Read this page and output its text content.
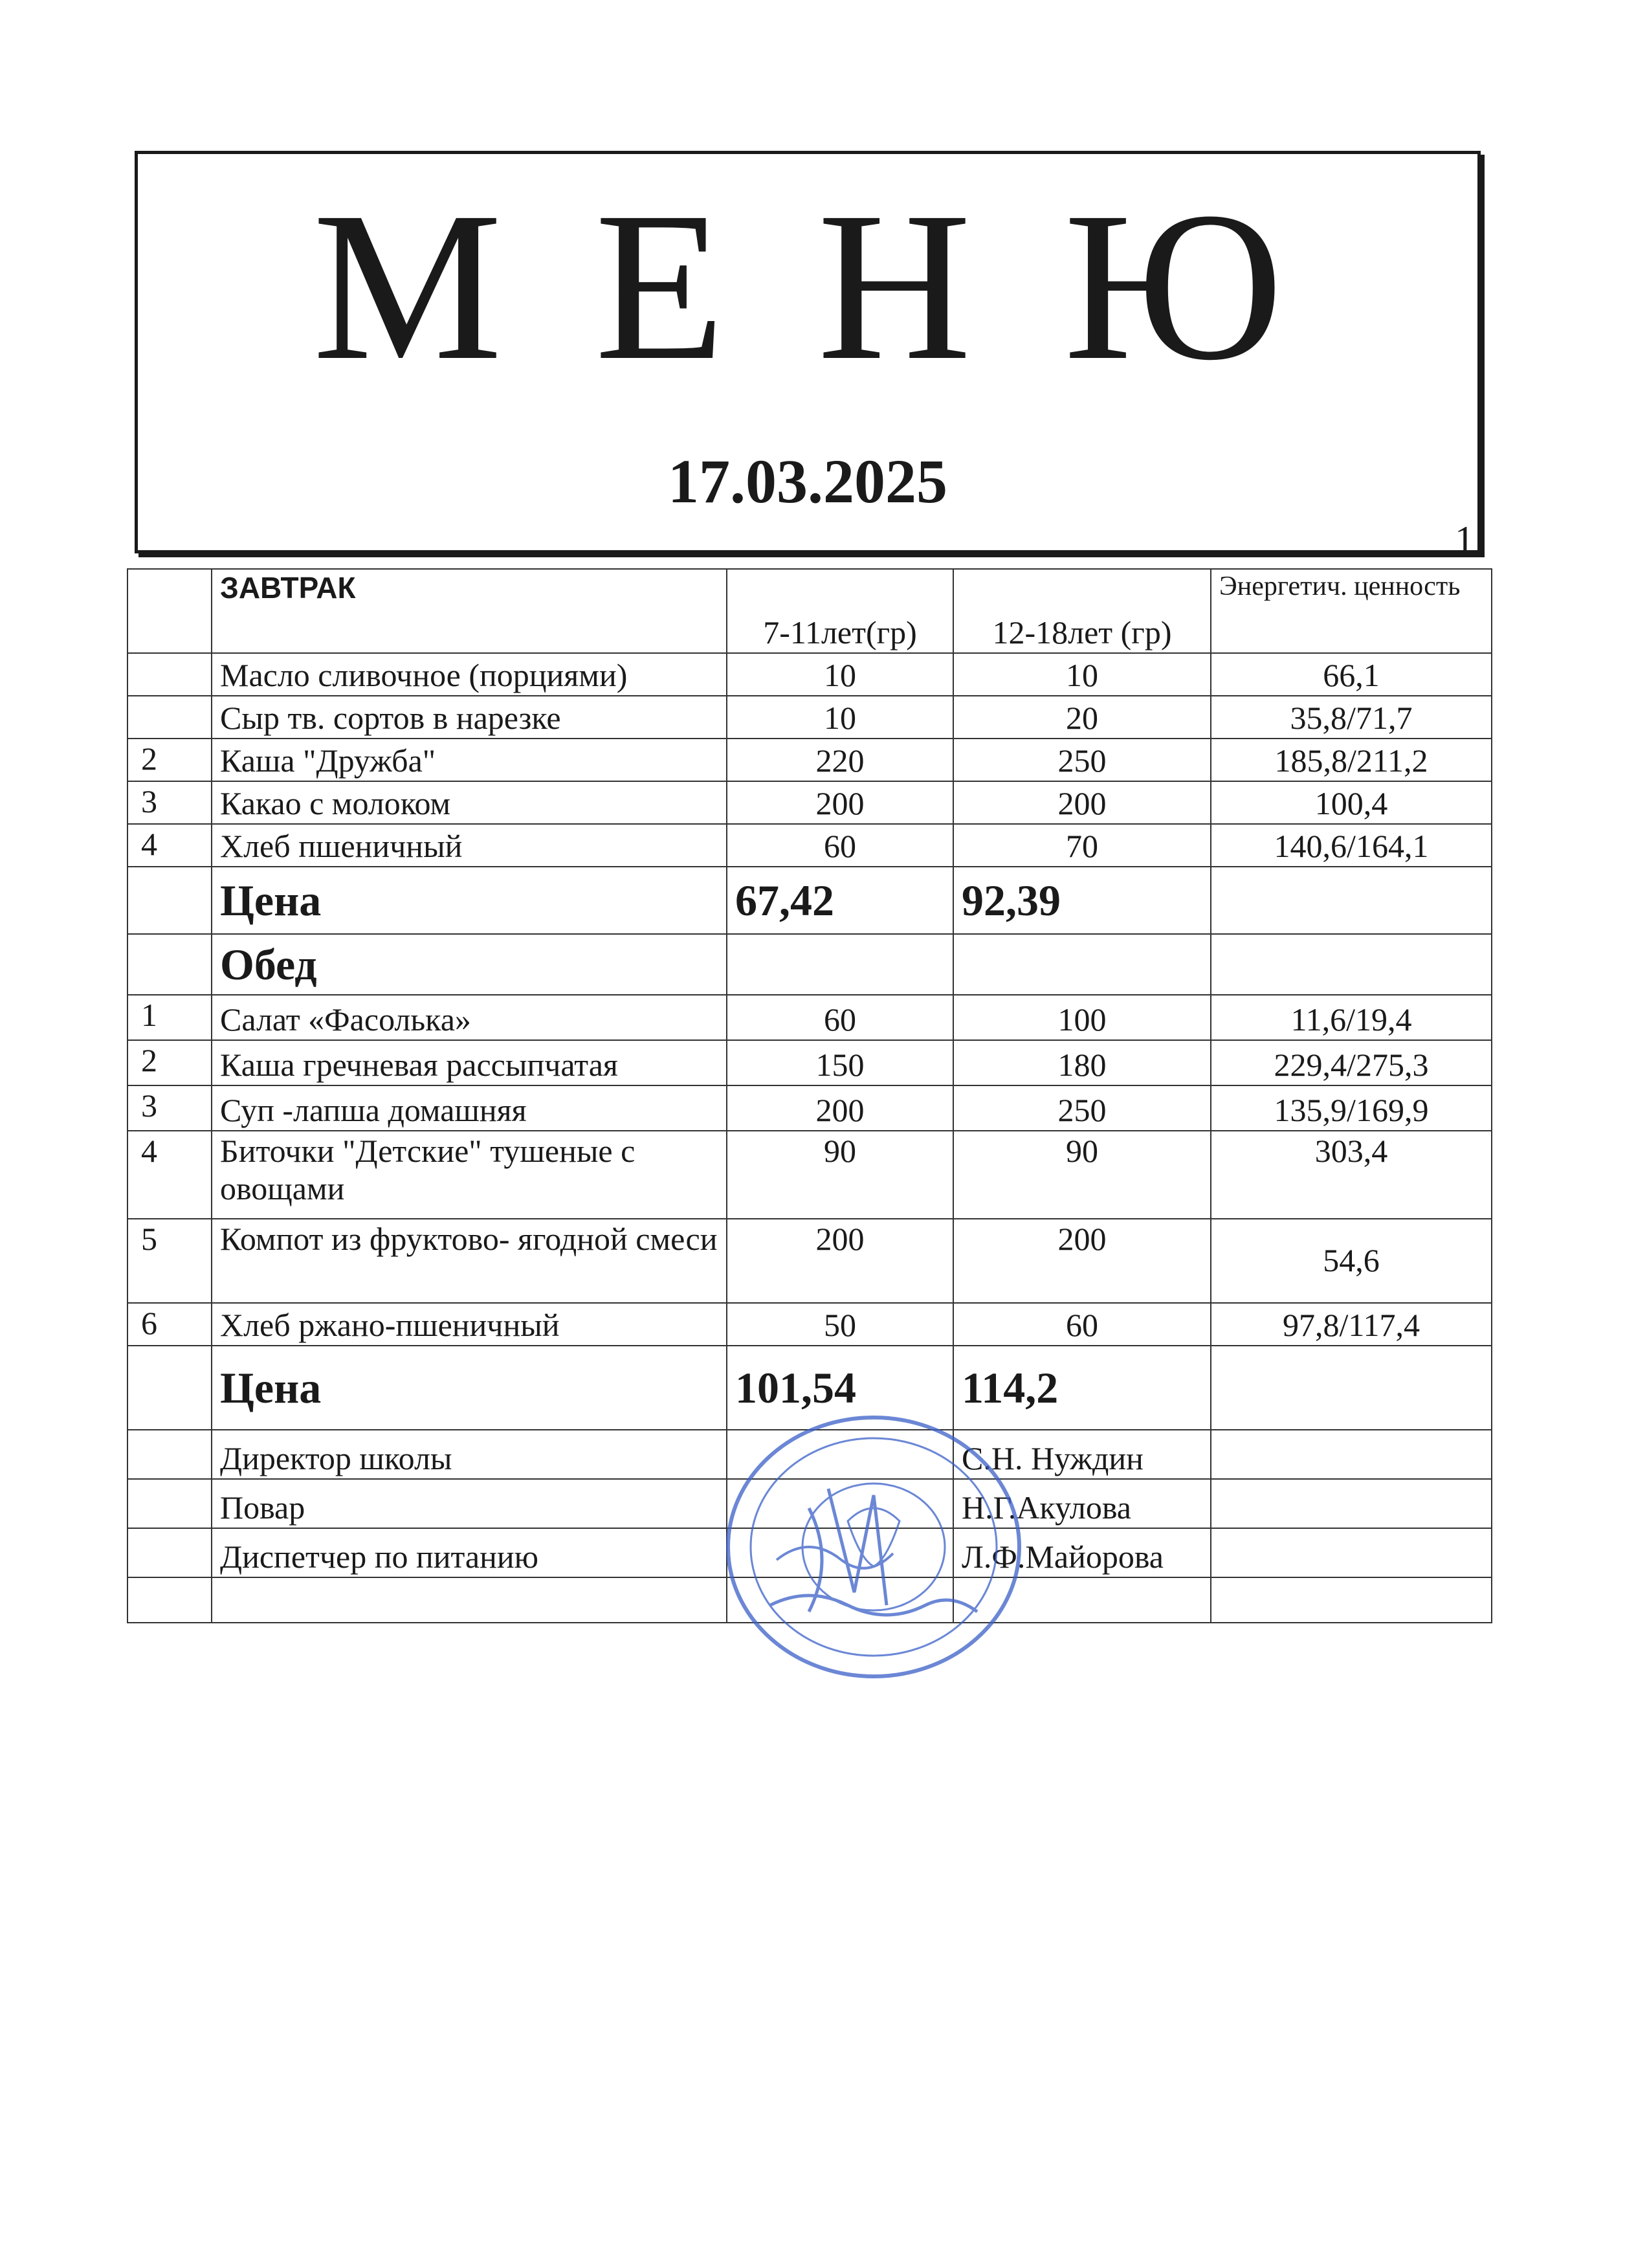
М Е Н Ю
17.03.2025
1
	ЗАВТРАК	7-11лет(гр)	12-18лет (гр)	Энергетич. ценность
	Масло сливочное (порциями)	10	10	66,1
	Сыр тв. сортов в нарезке	10	20	35,8/71,7
2	Каша "Дружба"	220	250	185,8/211,2
3	Какао с молоком	200	200	100,4
4	Хлеб пшеничный	60	70	140,6/164,1
	Цена	67,42	92,39	
	Обед			
1	Салат «Фасолька»	60	100	11,6/19,4
2	Каша гречневая рассыпчатая	150	180	229,4/275,3
3	Суп -лапша домашняя	200	250	135,9/169,9
4	Биточки "Детские" тушеные с овощами	90	90	303,4
5	Компот из фруктово- ягодной смеси	200	200	54,6
6	Хлеб ржано-пшеничный	50	60	97,8/117,4
	Цена	101,54	114,2	
	Директор школы		С.Н. Нуждин	
	Повар		Н.Г.Акулова	
	Диспетчер по питанию		Л.Ф.Майорова	
